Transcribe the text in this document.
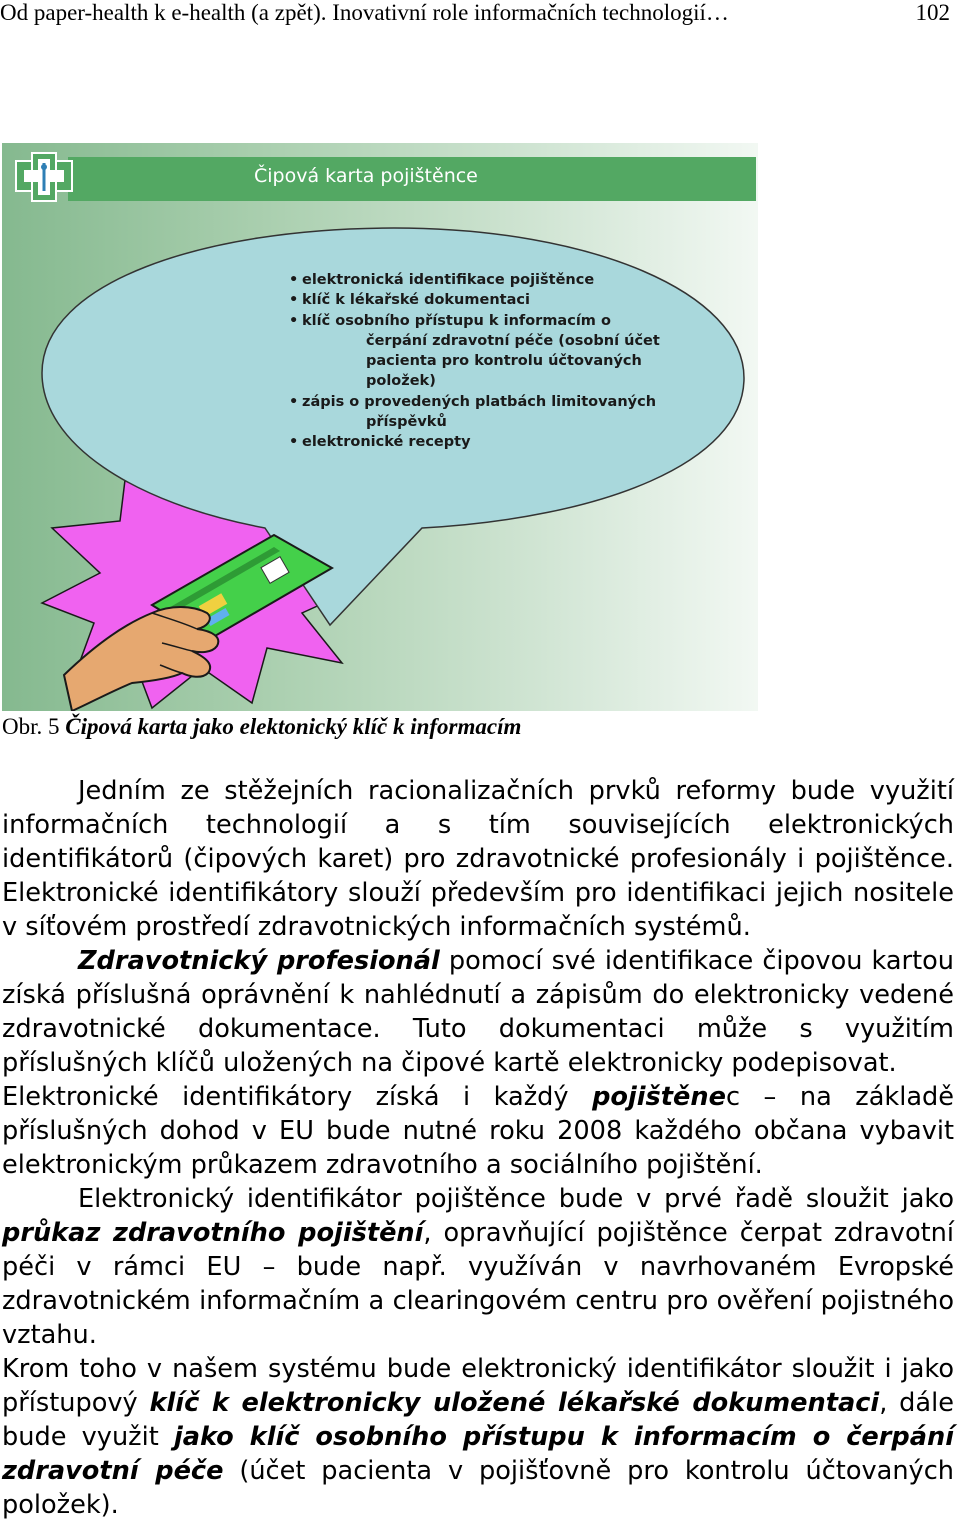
Od paper-health k e-health (a zpět). Inovativní role informačních technologií…	102
Čipová karta pojištěnce
• elektronická identifikace pojištěnce
• klíč k lékařské dokumentaci
• klíč osobního přístupu k informacím o
čerpání zdravotní péče (osobní účet
pacienta pro kontrolu účtovaných
položek)
• zápis o provedených platbách limitovaných
příspěvků
• elektronické recepty
Obr. 5 Čipová karta jako elektonický klíč k informacím

Jedním ze stěžejních racionalizačních prvků reformy bude využití informačních technologií a s tím souvisejících elektronických identifikátorů (čipových karet) pro zdravotnické profesionály i pojištěnce. Elektronické identifikátory slouží především pro identifikaci jejich nositele v síťovém prostředí zdravotnických informačních systémů.

Zdravotnický profesionál pomocí své identifikace čipovou kartou získá příslušná oprávnění k nahlédnutí a zápisům do elektronicky vedené zdravotnické dokumentace. Tuto dokumentaci může s využitím příslušných klíčů uložených na čipové kartě elektronicky podepisovat.

Elektronické identifikátory získá i každý pojištěnec – na základě příslušných dohod v EU bude nutné roku 2008 každého občana vybavit elektronickým průkazem zdravotního a sociálního pojištění.

Elektronický identifikátor pojištěnce bude v prvé řadě sloužit jako průkaz zdravotního pojištění, opravňující pojištěnce čerpat zdravotní péči v rámci EU – bude např. využíván v navrhovaném Evropské zdravotnickém informačním a clearingovém centru pro ověření pojistného vztahu.

Krom toho v našem systému bude elektronický identifikátor sloužit i jako přístupový klíč k elektronicky uložené lékařské dokumentaci, dále bude využit jako klíč osobního přístupu k informacím o čerpání zdravotní péče (účet pacienta v pojišťovně pro kontrolu účtovaných položek).
